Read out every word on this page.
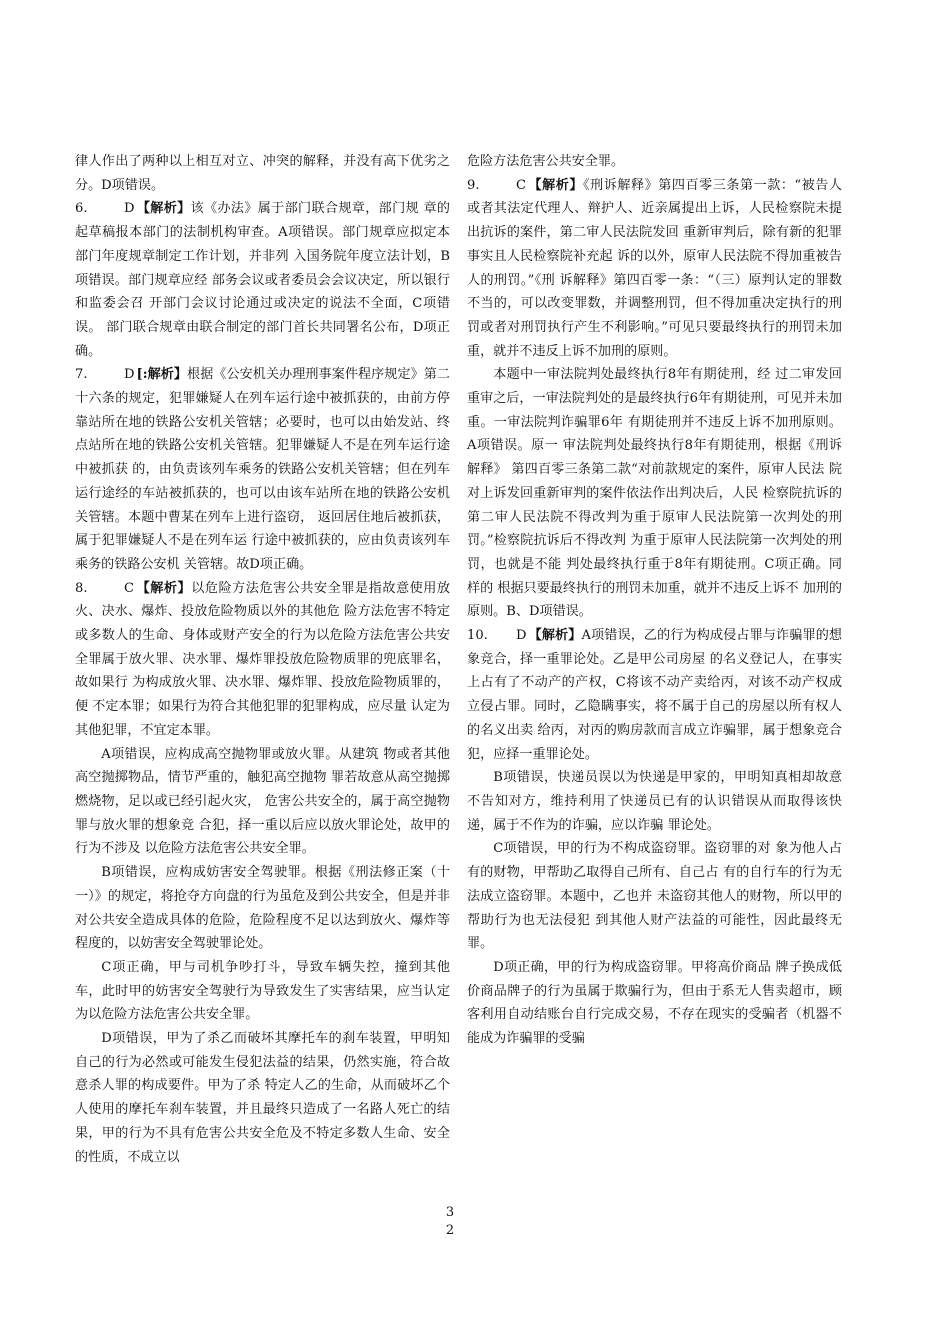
律人作出了两种以上相互对立、冲突的解释，并没有高下优劣之分。D项错误。

6.	D 【解析】该《办法》属于部门联合规章，部门规 章的起草稿报本部门的法制机构审查。A项错误。部门规章应拟定本部门年度规章制定工作计划，并非列 入国务院年度立法计划，B项错误。部门规章应经 部务会议或者委员会会议决定，所以银行和监委会召 开部门会议讨论通过或决定的说法不全面，C项错误。 部门联合规章由联合制定的部门首长共同署名公布，D项正确。

7.	D [:解析】根据《公安机关办理刑事案件程序规定》第二十六条的规定，犯罪嫌疑人在列车运行途中被抓获的，由前方停靠站所在地的铁路公安机关管辖；必要时，也可以由始发站、终点站所在地的铁路公安机关管辖。犯罪嫌疑人不是在列车运行途中被抓获 的，由负责该列车乘务的铁路公安机关管辖；但在列车运行途经的车站被抓获的，也可以由该车站所在地的铁路公安机关管辖。本题中曹某在列车上进行盗窃， 返回居住地后被抓获，属于犯罪嫌疑人不是在列车运 行途中被抓获的，应由负责该列车乘务的铁路公安机 关管辖。故D项正确。

8.	C 【解析】以危险方法危害公共安全罪是指故意使用放火、决水、爆炸、投放危险物质以外的其他危 险方法危害不特定或多数人的生命、身体或财产安全的行为以危险方法危害公共安全罪属于放火罪、决水罪、爆炸罪投放危险物质罪的兜底罪名，故如果行 为构成放火罪、决水罪、爆炸罪、投放危险物质罪的，便 不定本罪；如果行为符合其他犯罪的犯罪构成，应尽量 认定为其他犯罪，不宜定本罪。

A项错误，应构成高空抛物罪或放火罪。从建筑 物或者其他高空抛掷物品，情节严重的，触犯高空抛物 罪若故意从高空抛掷燃烧物，足以或已经引起火灾， 危害公共安全的，属于高空抛物罪与放火罪的想象竞 合犯，择一重以后应以放火罪论处，故甲的行为不涉及 以危险方法危害公共安全罪。

B项错误，应构成妨害安全驾驶罪。根据《刑法修正案（十一）》的规定，将抢夺方向盘的行为虽危及到公共安全，但是并非对公共安全造成具体的危险，危险程度不足以达到放火、爆炸等程度的，以妨害安全驾驶罪论处。

C项正确，甲与司机争吵打斗，导致车辆失控，撞到其他车，此时甲的妨害安全驾驶行为导致发生了实害结果，应当认定为以危险方法危害公共安全罪。

D项错误，甲为了杀乙而破坏其摩托车的刹车装置，甲明知自己的行为必然或可能发生侵犯法益的结果，仍然实施，符合故意杀人罪的构成要件。甲为了杀 特定人乙的生命，从而破坏乙个人使用的摩托车刹车装置，并且最终只造成了一名路人死亡的结果，甲的行为不具有危害公共安全危及不特定多数人生命、安全 的性质，不成立以

危险方法危害公共安全罪。

9.	C 【解析】《刑诉解释》第四百零三条第一款：“被告人或者其法定代理人、辩护人、近亲属提出上诉，人民检察院未提出抗诉的案件，第二审人民法院发回 重新审判后，除有新的犯罪事实且人民检察院补充起 诉的以外，原审人民法院不得加重被告人的刑罚。”《刑 诉解释》第四百零一条：“（三）原判认定的罪数不当的，可以改变罪数，并调整刑罚，但不得加重决定执行的刑罚或者对刑罚执行产生不利影响。”可见只要最终执行的刑罚未加重，就并不违反上诉不加刑的原则。

本题中一审法院判处最终执行8年有期徒刑，经 过二审发回重审之后，一审法院判处的是最终执行6年有期徒刑，可见并未加重。一审法院判诈骗罪6年 有期徒刑并不违反上诉不加刑原则。A项错误。原一 审法院判处最终执行8年有期徒刑，根据《刑诉解释》 第四百零三条第二款“对前款规定的案件，原审人民法 院对上诉发回重新审判的案件依法作出判决后，人民 检察院抗诉的第二审人民法院不得改判为重于原审人民法院第一次判处的刑罚。”检察院抗诉后不得改判 为重于原审人民法院第一次判处的刑罚，也就是不能 判处最终执行重于8年有期徒刑。C项正确。同样的 根据只要最终执行的刑罚未加重，就并不违反上诉不 加刑的原则。B、D项错误。

10. D 【解析】A项错误，乙的行为构成侵占罪与诈骗罪的想象竞合，择一重罪论处。乙是甲公司房屋 的名义登记人，在事实上占有了不动产的产权，C将该不动产卖给丙，对该不动产权成立侵占罪。同时，乙隐瞒事实，将不属于自己的房屋以所有权人的名义出卖 给丙，对丙的购房款而言成立诈骗罪，属于想象竞合 犯，应择一重罪论处。

B项错误，快递员误以为快递是甲家的，甲明知真相却故意不告知对方，维持利用了快递员已有的认识错误从而取得该快递，属于不作为的诈骗，应以诈骗 罪论处。

C项错误，甲的行为不构成盗窃罪。盗窃罪的对 象为他人占有的财物，甲帮助乙取得自己所有、自己占 有的自行车的行为无法成立盗窃罪。本题中，乙也并 未盗窃其他人的财物，所以甲的帮助行为也无法侵犯 到其他人财产法益的可能性，因此最终无罪。

D项正确，甲的行为构成盗窃罪。甲将高价商品 牌子换成低价商品牌子的行为虽属于欺骗行为，但由于系无人售卖超市，顾客利用自动结账台自行完成交易，不存在现实的受骗者（机器不能成为诈骗罪的受骗

3
2
